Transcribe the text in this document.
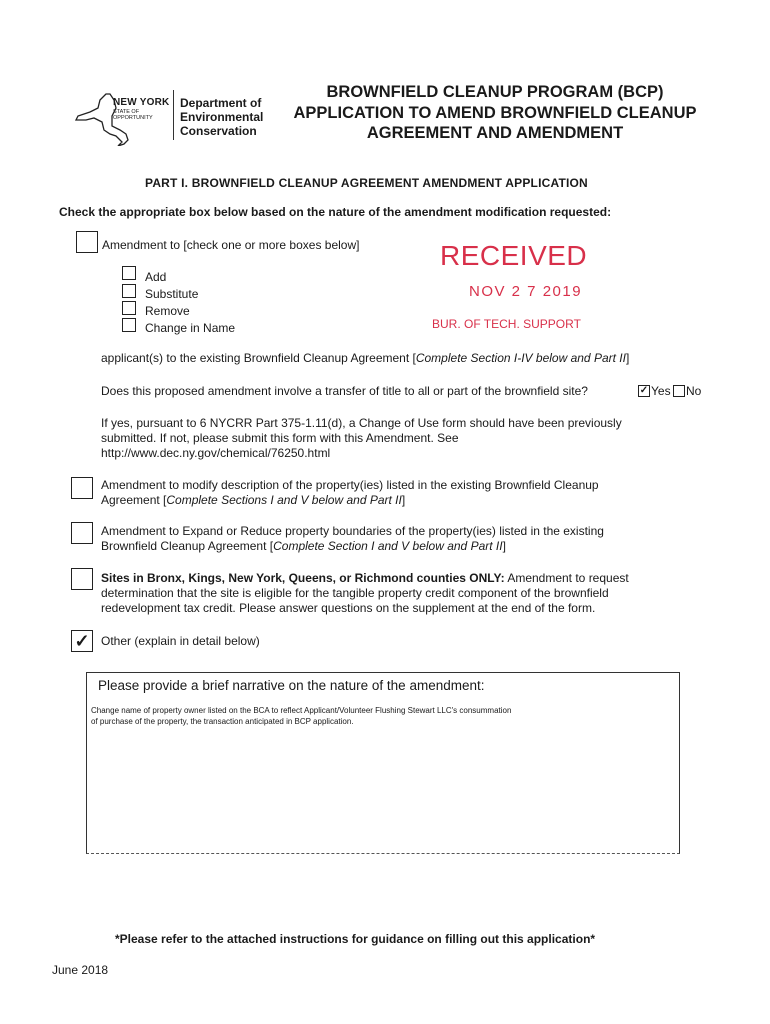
NEW YORK
STATE OF OPPORTUNITY
Department of
Environmental
Conservation
BROWNFIELD CLEANUP PROGRAM (BCP)
APPLICATION TO AMEND BROWNFIELD CLEANUP
AGREEMENT AND AMENDMENT
PART I. BROWNFIELD CLEANUP AGREEMENT AMENDMENT APPLICATION
Check the appropriate box below based on the nature of the amendment modification requested:
Amendment to [check one or more boxes below]
Add
Substitute
Remove
Change in Name
RECEIVED
NOV 2 7 2019
BUR. OF TECH. SUPPORT
applicant(s) to the existing Brownfield Cleanup Agreement [Complete Section I-IV below and Part II]
Does this proposed amendment involve a transfer of title to all or part of the brownfield site?	✓ Yes No
If yes, pursuant to 6 NYCRR Part 375-1.11(d), a Change of Use form should have been previously
submitted. If not, please submit this form with this Amendment. See
http://www.dec.ny.gov/chemical/76250.html
Amendment to modify description of the property(ies) listed in the existing Brownfield Cleanup
Agreement [Complete Sections I and V below and Part II]
Amendment to Expand or Reduce property boundaries of the property(ies) listed in the existing
Brownfield Cleanup Agreement [Complete Section I and V below and Part II]
Sites in Bronx, Kings, New York, Queens, or Richmond counties ONLY: Amendment to request
determination that the site is eligible for the tangible property credit component of the brownfield
redevelopment tax credit. Please answer questions on the supplement at the end of the form.
✓ Other (explain in detail below)
Please provide a brief narrative on the nature of the amendment:
Change name of property owner listed on the BCA to reflect Applicant/Volunteer Flushing Stewart LLC's consummation
of purchase of the property, the transaction anticipated in BCP application.
*Please refer to the attached instructions for guidance on filling out this application*
June 2018
